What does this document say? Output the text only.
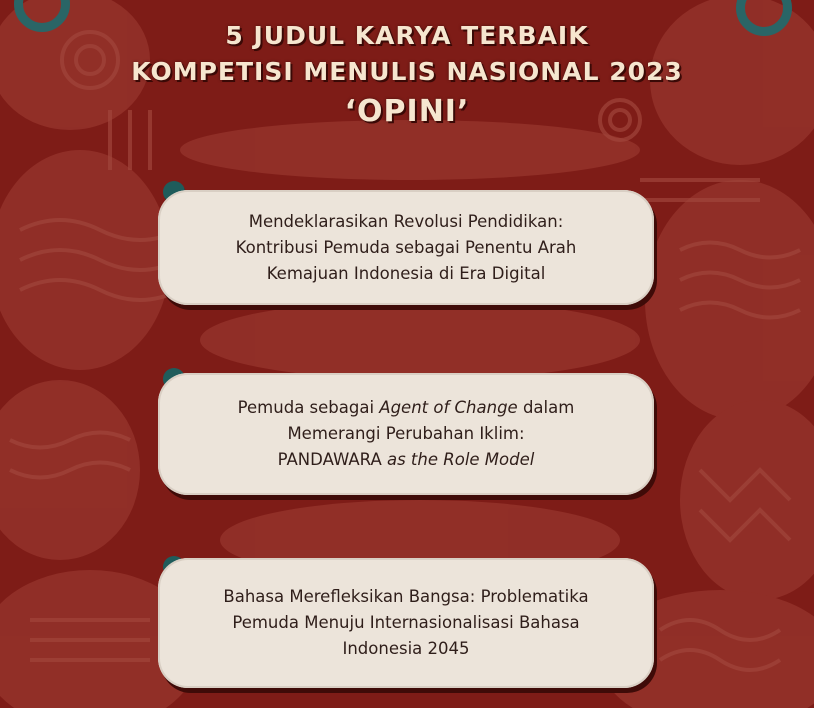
5 JUDUL KARYA TERBAIK
KOMPETISI MENULIS NASIONAL 2023
‘OPINI’
Mendeklarasikan Revolusi Pendidikan:
Kontribusi Pemuda sebagai Penentu Arah
Kemajuan Indonesia di Era Digital
Pemuda sebagai Agent of Change dalam
Memerangi Perubahan Iklim:
PANDAWARA as the Role Model
Bahasa Merefleksikan Bangsa: Problematika
Pemuda Menuju Internasionalisasi Bahasa
Indonesia 2045
